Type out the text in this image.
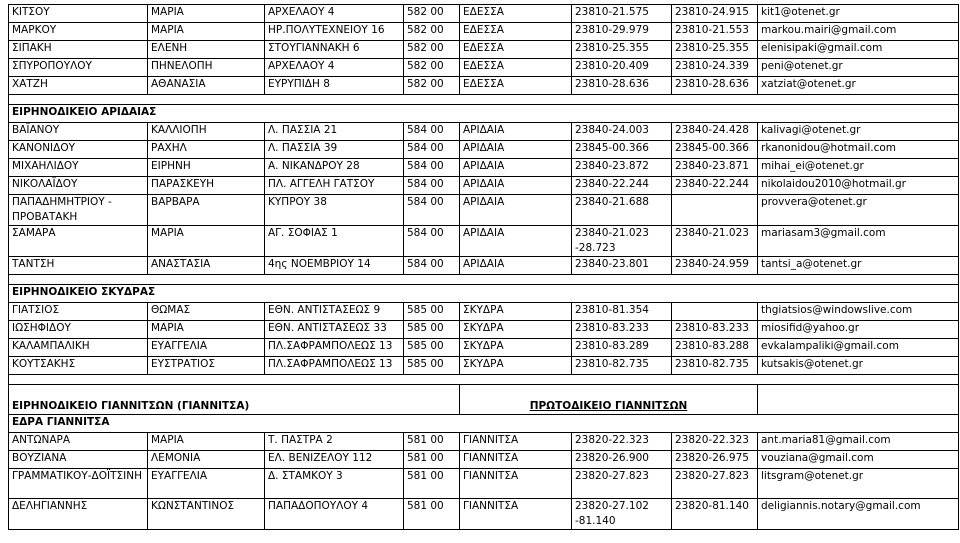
ΚΙΤΣΟΥ	ΜΑΡΙΑ	ΑΡΧΕΛΑΟΥ 4	582 00	ΕΔΕΣΣΑ	23810-21.575	23810-24.915	kit1@otenet.gr
ΜΑΡΚΟΥ	ΜΑΡΙΑ	ΗΡ.ΠΟΛΥΤΕΧΝΕΙΟΥ 16	582 00	ΕΔΕΣΣΑ	23810-29.979	23810-21.553	markou.mairi@gmail.com
ΣΙΠΑΚΗ	ΕΛΕΝΗ	ΣΤΟΥΓΙΑΝΝΑΚΗ 6	582 00	ΕΔΕΣΣΑ	23810-25.355	23810-25.355	elenisipaki@gmail.com
ΣΠΥΡΟΠΟΥΛΟΥ	ΠΗΝΕΛΟΠΗ	ΑΡΧΕΛΑΟΥ 4	582 00	ΕΔΕΣΣΑ	23810-20.409	23810-24.339	peni@otenet.gr
ΧΑΤΖΗ	ΑΘΑΝΑΣΙΑ	ΕΥΡΥΠΙΔΗ 8	582 00	ΕΔΕΣΣΑ	23810-28.636	23810-28.636	xatziat@otenet.gr

ΕΙΡΗΝΟΔΙΚΕΙΟ ΑΡΙΔΑΙΑΣ							
ΒΑΪΑΝΟΥ	ΚΑΛΛΙΟΠΗ	Λ. ΠΑΣΣΙΑ 21	584 00	ΑΡΙΔΑΙΑ	23840-24.003	23840-24.428	kalivagi@otenet.gr
ΚΑΝΟΝΙΔΟΥ	ΡΑΧΗΛ	Λ. ΠΑΣΣΙΑ 39	584 00	ΑΡΙΔΑΙΑ	23845-00.366	23845-00.366	rkanonidou@hotmail.com
ΜΙΧΑΗΛΙΔΟΥ	ΕΙΡΗΝΗ	Α. ΝΙΚΑΝΔΡΟΥ 28	584 00	ΑΡΙΔΑΙΑ	23840-23.872	23840-23.871	mihai_ei@otenet.gr
ΝΙΚΟΛΑΪΔΟΥ	ΠΑΡΑΣΚΕΥΗ	ΠΛ. ΑΓΓΕΛΗ ΓΑΤΣΟΥ	584 00	ΑΡΙΔΑΙΑ	23840-22.244	23840-22.244	nikolaidou2010@hotmail.gr
ΠΑΠΑΔΗΜΗΤΡΙΟΥ - ΠΡΟΒΑΤΑΚΗ	ΒΑΡΒΑΡΑ	ΚΥΠΡΟΥ 38	584 00	ΑΡΙΔΑΙΑ	23840-21.688		provvera@otenet.gr
ΣΑΜΑΡΑ	ΜΑΡΙΑ	ΑΓ. ΣΟΦΙΑΣ 1	584 00	ΑΡΙΔΑΙΑ	23840-21.023 -28.723	23840-21.023	mariasam3@gmail.com
ΤΑΝΤΣΗ	ΑΝΑΣΤΑΣΙΑ	4ης ΝΟΕΜΒΡΙΟΥ 14	584 00	ΑΡΙΔΑΙΑ	23840-23.801	23840-24.959	tantsi_a@otenet.gr

ΕΙΡΗΝΟΔΙΚΕΙΟ ΣΚΥΔΡΑΣ							
ΓΙΑΤΣΙΟΣ	ΘΩΜΑΣ	ΕΘΝ. ΑΝΤΙΣΤΑΣΕΩΣ 9	585 00	ΣΚΥΔΡΑ	23810-81.354		thgiatsios@windowslive.com
ΙΩΣΗΦΙΔΟΥ	ΜΑΡΙΑ	ΕΘΝ. ΑΝΤΙΣΤΑΣΕΩΣ 33	585 00	ΣΚΥΔΡΑ	23810-83.233	23810-83.233	miosifid@yahoo.gr
ΚΑΛΑΜΠΑΛΙΚΗ	ΕΥΑΓΓΕΛΙΑ	ΠΛ.ΣΑΦΡΑΜΠΟΛΕΩΣ 13	585 00	ΣΚΥΔΡΑ	23810-83.289	23810-83.288	evkalampaliki@gmail.com
ΚΟΥΤΣΑΚΗΣ	ΕΥΣΤΡΑΤΙΟΣ	ΠΛ.ΣΑΦΡΑΜΠΟΛΕΩΣ 13	585 00	ΣΚΥΔΡΑ	23810-82.735	23810-82.735	kutsakis@otenet.gr

ΕΙΡΗΝΟΔΙΚΕΙΟ ΓΙΑΝΝΙΤΣΩΝ (ΓΙΑΝΝΙΤΣΑ)				ΠΡΩΤΟΔΙΚΕΙΟ ΓΙΑΝΝΙΤΣΩΝ			
ΕΔΡΑ ΓΙΑΝΝΙΤΣΑ							
ΑΝΤΩΝΑΡΑ	ΜΑΡΙΑ	Τ. ΠΑΣΤΡΑ 2	581 00	ΓΙΑΝΝΙΤΣΑ	23820-22.323	23820-22.323	ant.maria81@gmail.com
ΒΟΥΖΙΑΝΑ	ΛΕΜΟΝΙΑ	ΕΛ. ΒΕΝΙΖΕΛΟΥ 112	581 00	ΓΙΑΝΝΙΤΣΑ	23820-26.900	23820-26.975	vouziana@gmail.com
ΓΡΑΜΜΑΤΙΚΟΥ-ΔΟΪΤΣΙΝΗ	ΕΥΑΓΓΕΛΙΑ	Δ. ΣΤΑΜΚΟΥ 3	581 00	ΓΙΑΝΝΙΤΣΑ	23820-27.823	23820-27.823	litsgram@otenet.gr
ΔΕΛΗΓΙΑΝΝΗΣ	ΚΩΝΣΤΑΝΤΙΝΟΣ	ΠΑΠΑΔΟΠΟΥΛΟΥ 4	581 00	ΓΙΑΝΝΙΤΣΑ	23820-27.102 -81.140	23820-81.140	deligiannis.notary@gmail.com
